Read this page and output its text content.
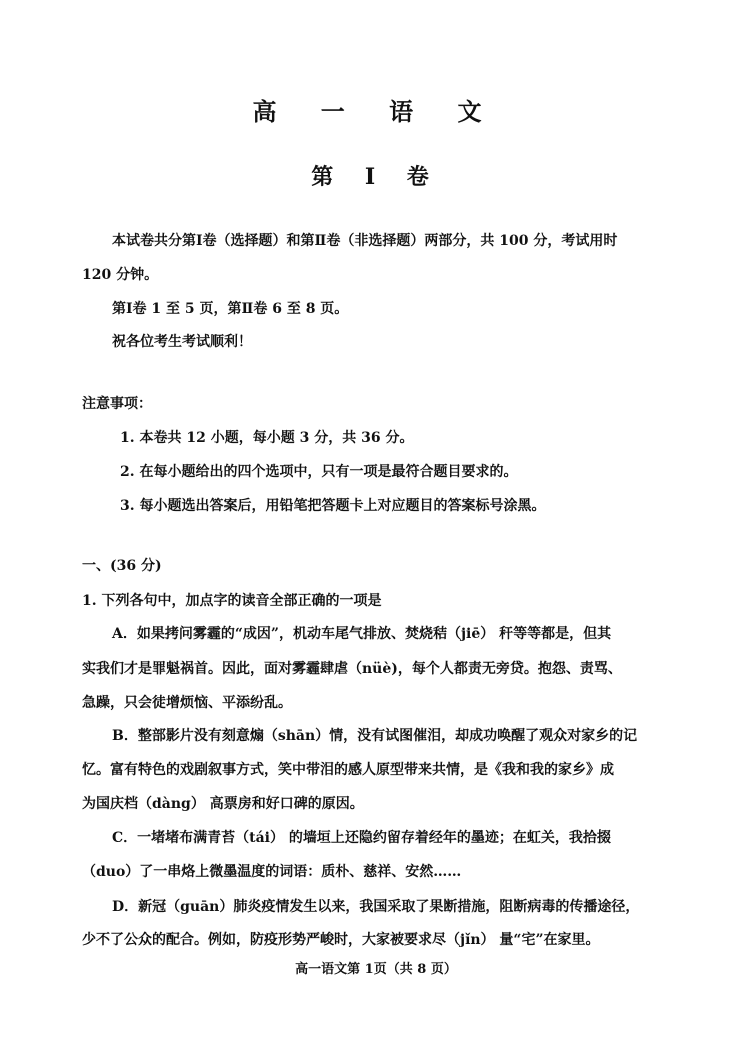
高 一 语 文
第 Ⅰ 卷
本试卷共分第Ⅰ卷（选择题）和第Ⅱ卷（非选择题）两部分，共 100 分，考试用时
120 分钟。
第Ⅰ卷 1 至 5 页，第Ⅱ卷 6 至 8 页。
祝各位考生考试顺利！
注意事项：
1. 本卷共 12 小题，每小题 3 分，共 36 分。
2. 在每小题给出的四个选项中，只有一项是最符合题目要求的。
3. 每小题选出答案后，用铅笔把答题卡上对应题目的答案标号涂黑。
一、(36 分)
1. 下列各句中，加点字的读音全部正确的一项是
A．如果拷问雾霾的“成因”，机动车尾气排放、焚烧秸（jiē） 秆等等都是，但其
实我们才是罪魁祸首。因此，面对雾霾肆虐（nüè)，每个人都责无旁贷。抱怨、责骂、
急躁，只会徒增烦恼、平添纷乱。
B．整部影片没有刻意煽（shān）情，没有试图催泪，却成功唤醒了观众对家乡的记
忆。富有特色的戏剧叙事方式，笑中带泪的感人原型带来共情，是《我和我的家乡》成
为国庆档（dàng） 高票房和好口碑的原因。
C．一堵堵布满青苔（tái） 的墙垣上还隐约留存着经年的墨迹；在虹关，我拾掇
（duo）了一串烙上微墨温度的词语：质朴、慈祥、安然……
D．新冠（guān）肺炎疫情发生以来，我国采取了果断措施，阻断病毒的传播途径，
少不了公众的配合。例如，防疫形势严峻时，大家被要求尽（jǐn） 量“宅”在家里。
高一语文第 1页（共 8 页）
